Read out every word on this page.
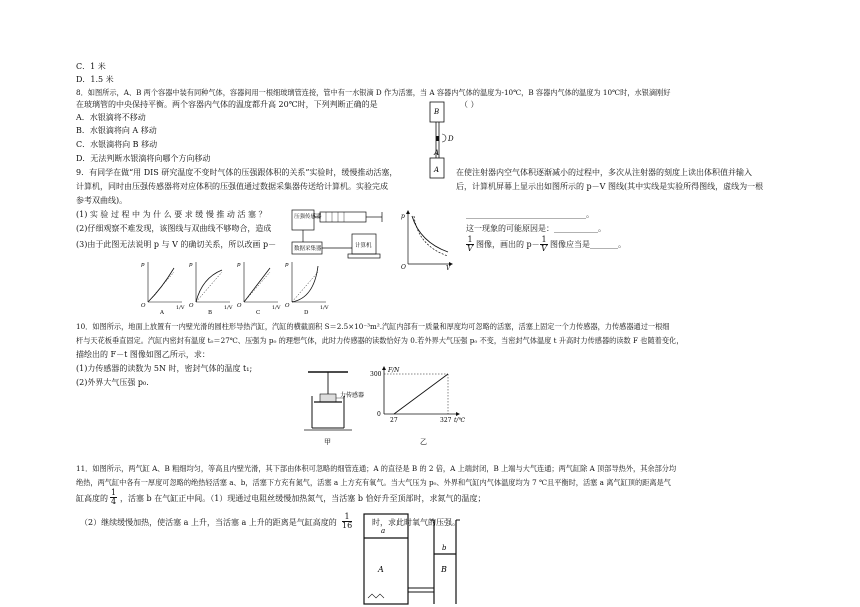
C．1 米
D．1.5 米
8．如图所示，A、B 两个容器中装有同种气体，容器间用一根细玻璃管连接，管中有一水银滴 D 作为活塞，当 A 容器内气体的温度为-10℃，B 容器内气体的温度为 10℃时，水银滴刚好
在玻璃管的中央保持平衡。两个容器内气体的温度都升高 20℃时，下列判断正确的是	（ ）
A．水银滴将不移动
B．水银滴将向 A 移动
C．水银滴将向 B 移动
D．无法判断水银滴将向哪个方向移动
B
D
A
A
9．有同学在做“用 DIS 研究温度不变时气体的压强跟体积的关系”实验时，缓慢推动活塞，	在使注射器内空气体积逐渐减小的过程中，多次从注射器的刻度上读出体积值并输入
计算机，同时由压强传感器将对应体积的压强值通过数据采集器传送给计算机。实验完成	后，计算机屏幕上显示出如图所示的 p－V 图线(其中实线是实验所得图线，虚线为一根
参考双曲线)。
(1) 实 验 过 程 中 为 什 么 要 求 缓 慢 推 动 活 塞 ？
(2)仔细观察不难发现，该图线与双曲线不够吻合，造成
(3)由于此图无法说明 p 与 V 的确切关系，所以改画 p－
______________________________。
这一现象的可能原因是：___________。
$\frac{1}{V}$ 图像，画出的 $p- \frac{1}{V}$ 图像应当是_______。
压强传感器
数据采集器	计算机
p
V
O
p
O	1/V
A
p
O	1/V
B
p
O	1/V
C
p
O	1/V
D
10．如图所示，地面上放置有一内壁光滑的圆柱形导热汽缸，汽缸的横截面积 S＝2.5×10⁻³m².汽缸内部有一质量和厚度均可忽略的活塞，活塞上固定一个力传感器，力传感器通过一根细
杆与天花板垂直固定。汽缸内密封有温度 t₀＝27℃、压强为 p₀ 的理想气体，此时力传感器的读数恰好为 0.若外界大气压强 p₀ 不变，当密封气体温度 t 升高时力传感器的读数 F 也随着变化，
描绘出的 F－t 图像如图乙所示，求：
(1)力传感器的读数为 5N 时，密封气体的温度 t₁;
(2)外界大气压强 p₀.
力传感器
甲
F/N
300
0
27	327 t/℃
乙
11．如图所示，两气缸 A、B 粗细均匀，等高且内壁光滑，其下部由体积可忽略的细管连通；A 的直径是 B 的 2 倍，A 上端封闭，B 上端与大气连通；两气缸除 A 顶部导热外，其余部分均
绝热，两气缸中各有一厚度可忽略的绝热轻活塞 a、b，活塞下方充有氮气，活塞 a 上方充有氧气。当大气压为 p₀、外界和气缸内气体温度均为 7 ℃且平衡时，活塞 a 离气缸顶的距离是气
缸高度的 $\frac{1}{4}$ ，活塞 b 在气缸正中间。（1）现通过电阻丝缓慢加热氮气，当活塞 b 恰好升至顶部时，求氮气的温度；
（2）继续缓慢加热，使活塞 a 上升，当活塞 a 上升的距离是气缸高度的 $\frac{1}{16}$	时，求此时氧气的压强。
a
A
b
B
